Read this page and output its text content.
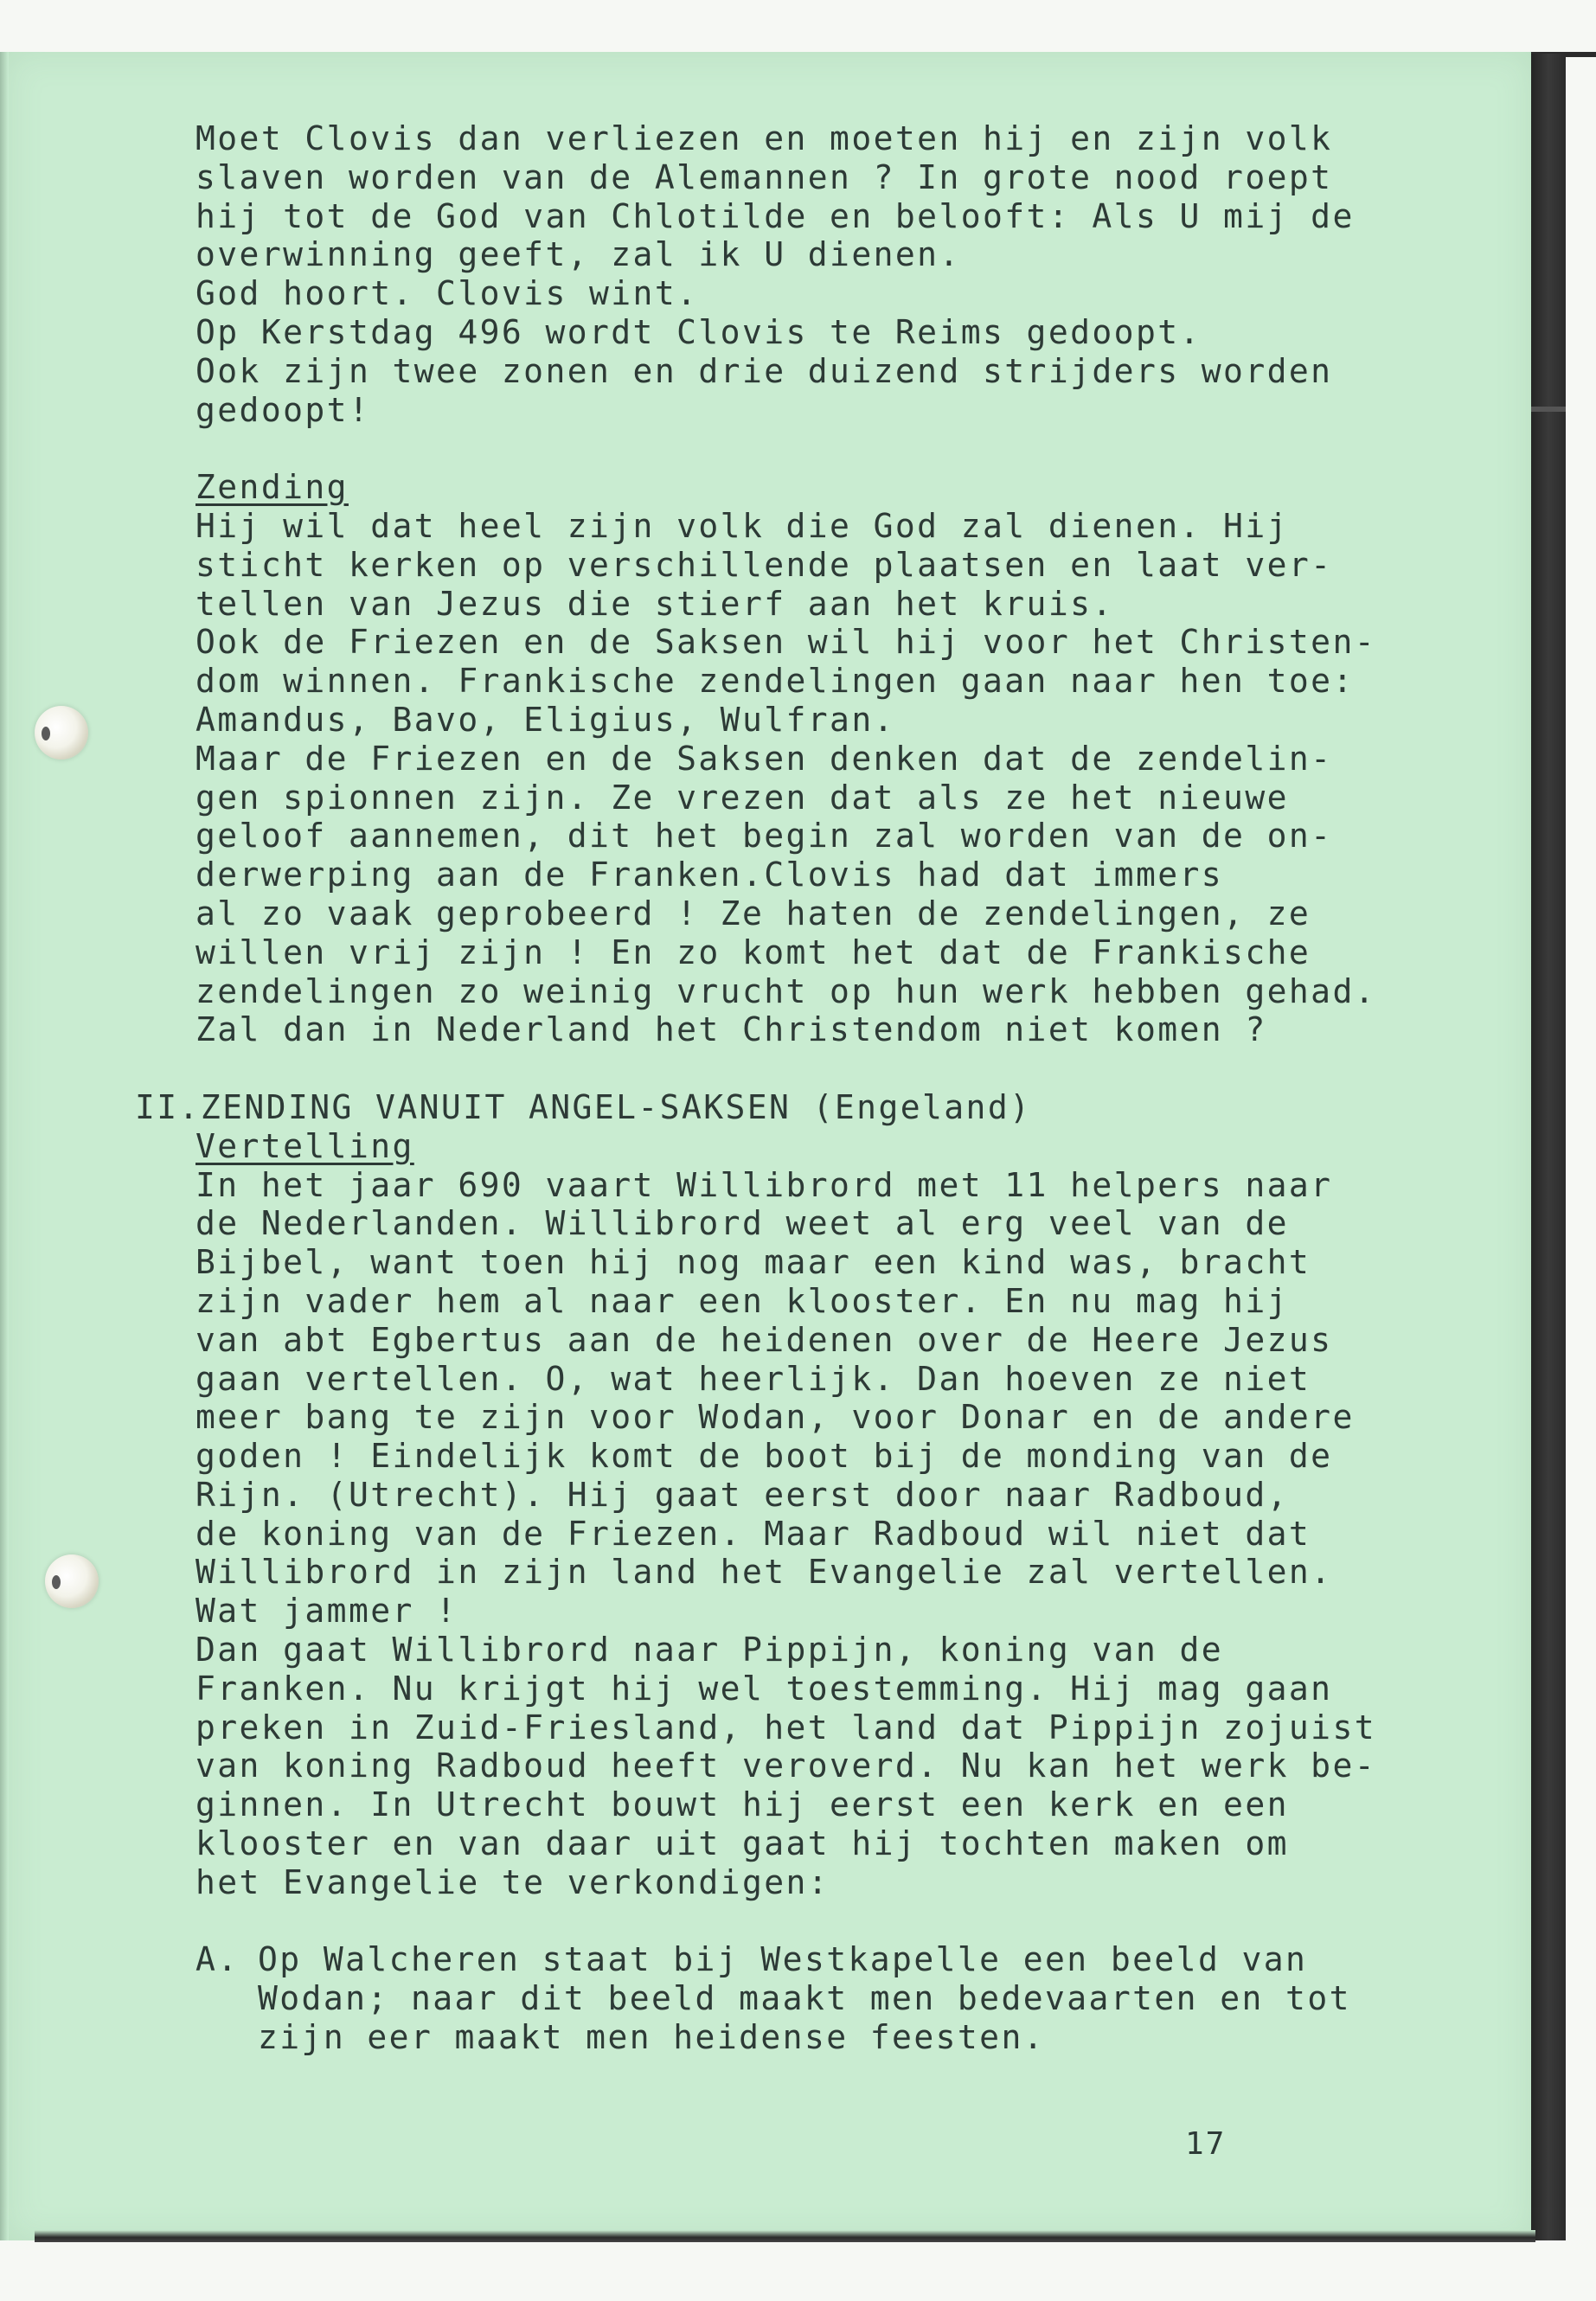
Moet Clovis dan verliezen en moeten hij en zijn volk
slaven worden van de Alemannen ? In grote nood roept
hij tot de God van Chlotilde en belooft: Als U mij de
overwinning geeft, zal ik U dienen.
God hoort. Clovis wint.
Op Kerstdag 496 wordt Clovis te Reims gedoopt.
Ook zijn twee zonen en drie duizend strijders worden
gedoopt!
Zending
Hij wil dat heel zijn volk die God zal dienen. Hij
sticht kerken op verschillende plaatsen en laat ver-
tellen van Jezus die stierf aan het kruis.
Ook de Friezen en de Saksen wil hij voor het Christen-
dom winnen. Frankische zendelingen gaan naar hen toe:
Amandus, Bavo, Eligius, Wulfran.
Maar de Friezen en de Saksen denken dat de zendelin-
gen spionnen zijn. Ze vrezen dat als ze het nieuwe
geloof aannemen, dit het begin zal worden van de on-
derwerping aan de Franken.Clovis had dat immers
al zo vaak geprobeerd ! Ze haten de zendelingen, ze
willen vrij zijn ! En zo komt het dat de Frankische
zendelingen zo weinig vrucht op hun werk hebben gehad.
Zal dan in Nederland het Christendom niet komen ?
II.ZENDING VANUIT ANGEL-SAKSEN (Engeland)
Vertelling
In het jaar 690 vaart Willibrord met 11 helpers naar
de Nederlanden. Willibrord weet al erg veel van de
Bijbel, want toen hij nog maar een kind was, bracht
zijn vader hem al naar een klooster. En nu mag hij
van abt Egbertus aan de heidenen over de Heere Jezus
gaan vertellen. O, wat heerlijk. Dan hoeven ze niet
meer bang te zijn voor Wodan, voor Donar en de andere
goden ! Eindelijk komt de boot bij de monding van de
Rijn. (Utrecht). Hij gaat eerst door naar Radboud,
de koning van de Friezen. Maar Radboud wil niet dat
Willibrord in zijn land het Evangelie zal vertellen.
Wat jammer !
Dan gaat Willibrord naar Pippijn, koning van de
Franken. Nu krijgt hij wel toestemming. Hij mag gaan
preken in Zuid-Friesland, het land dat Pippijn zojuist
van koning Radboud heeft veroverd. Nu kan het werk be-
ginnen. In Utrecht bouwt hij eerst een kerk en een
klooster en van daar uit gaat hij tochten maken om
het Evangelie te verkondigen:
A. Op Walcheren staat bij Westkapelle een beeld van
Wodan; naar dit beeld maakt men bedevaarten en tot
zijn eer maakt men heidense feesten.
17
